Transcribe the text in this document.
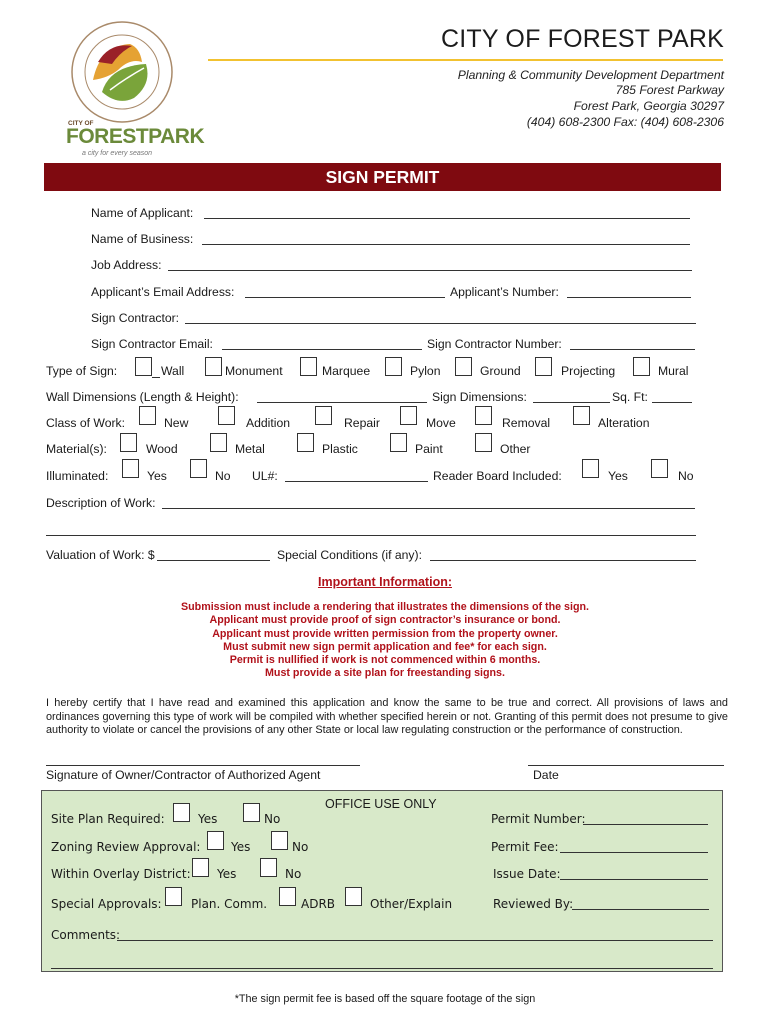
CITY OF
FORESTPARK
a city for every season
CITY OF FOREST PARK
Planning & Community Development Department
785 Forest Parkway
Forest Park, Georgia 30297
(404) 608-2300 Fax: (404) 608-2306
SIGN PERMIT
Name of Applicant:
Name of Business:
Job Address:
Applicant’s Email Address:	Applicant’s Number:
Sign Contractor:
Sign Contractor Email:	Sign Contractor Number:
Type of Sign:	Wall	Monument	Marquee	Pylon	Ground	Projecting	Mural
Wall Dimensions (Length & Height):	Sign Dimensions:	Sq. Ft:
Class of Work:	New	Addition	Repair	Move	Removal	Alteration
Material(s):	Wood	Metal	Plastic	Paint	Other
Illuminated:	Yes	No UL#:	Reader Board Included:	Yes	No
Description of Work:
Valuation of Work: $	Special Conditions (if any):
Important Information:
Submission must include a rendering that illustrates the dimensions of the sign.
Applicant must provide proof of sign contractor’s insurance or bond.
Applicant must provide written permission from the property owner.
Must submit new sign permit application and fee* for each sign.
Permit is nullified if work is not commenced within 6 months.
Must provide a site plan for freestanding signs.
I hereby certify that I have read and examined this application and know the same to be true and correct. All provisions of laws and ordinances governing this type of work will be compiled with whether specified herein or not. Granting of this permit does not presume to give authority to violate or cancel the provisions of any other State or local law regulating construction or the performance of construction.
Signature of Owner/Contractor of Authorized Agent	Date
OFFICE USE ONLY
Site Plan Required:	Yes	No
Zoning Review Approval:	Yes	No
Within Overlay District: Yes	No
Special Approvals: Plan. Comm.	ADRB	Other/Explain
Permit Number:
Permit Fee:
Issue Date:
Reviewed By:
Comments:
*The sign permit fee is based off the square footage of the sign
